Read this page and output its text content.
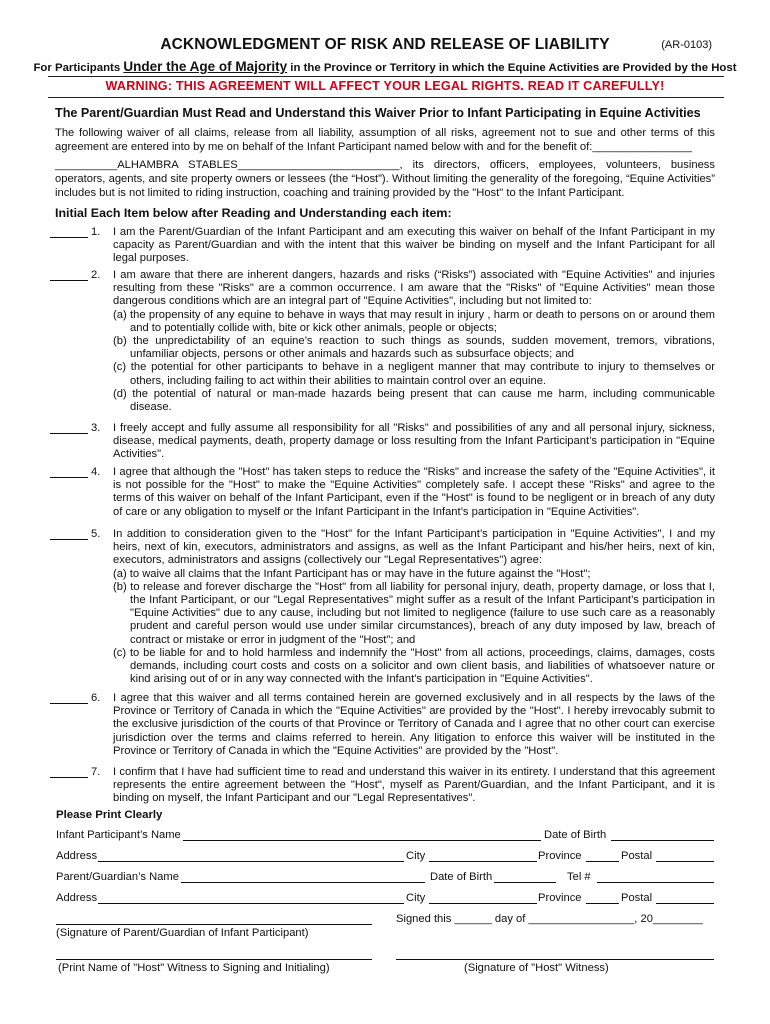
ACKNOWLEDGMENT OF RISK AND RELEASE OF LIABILITY	(AR-0103)
For Participants Under the Age of Majority in the Province or Territory in which the Equine Activities are Provided by the Host
WARNING: THIS AGREEMENT WILL AFFECT YOUR LEGAL RIGHTS. READ IT CAREFULLY!
The Parent/Guardian Must Read and Understand this Waiver Prior to Infant Participating in Equine Activities
The following waiver of all claims, release from all liability, assumption of all risks, agreement not to sue and other terms of this agreement are entered into by me on behalf of the Infant Participant named below with and for the benefit of:________________
__________ALHAMBRA STABLES__________________________, its directors, officers, employees, volunteers, business operators, agents, and site property owners or lessees (the “Host”). Without limiting the generality of the foregoing, “Equine Activities” includes but is not limited to riding instruction, coaching and training provided by the "Host" to the Infant Participant.
Initial Each Item below after Reading and Understanding each item:
1. I am the Parent/Guardian of the Infant Participant and am executing this waiver on behalf of the Infant Participant in my capacity as Parent/Guardian and with the intent that this waiver be binding on myself and the Infant Participant for all legal purposes.
2. I am aware that there are inherent dangers, hazards and risks (“Risks”) associated with "Equine Activities" and injuries resulting from these "Risks" are a common occurrence. I am aware that the "Risks" of "Equine Activities" mean those dangerous conditions which are an integral part of "Equine Activities", including but not limited to:
(a) the propensity of any equine to behave in ways that may result in injury , harm or death to persons on or around them and to potentially collide with, bite or kick other animals, people or objects;
(b) the unpredictability of an equine’s reaction to such things as sounds, sudden movement, tremors, vibrations, unfamiliar objects, persons or other animals and hazards such as subsurface objects; and
(c) the potential for other participants to behave in a negligent manner that may contribute to injury to themselves or others, including failing to act within their abilities to maintain control over an equine.
(d) the potential of natural or man-made hazards being present that can cause me harm, including communicable disease.
3. I freely accept and fully assume all responsibility for all "Risks" and possibilities of any and all personal injury, sickness, disease, medical payments, death, property damage or loss resulting from the Infant Participant’s participation in "Equine Activities".
4. I agree that although the "Host" has taken steps to reduce the "Risks" and increase the safety of the "Equine Activities", it is not possible for the "Host" to make the "Equine Activities" completely safe. I accept these "Risks" and agree to the terms of this waiver on behalf of the Infant Participant, even if the "Host" is found to be negligent or in breach of any duty of care or any obligation to myself or the Infant Participant in the Infant’s participation in "Equine Activities".
5. In addition to consideration given to the "Host" for the Infant Participant’s participation in "Equine Activities", I and my heirs, next of kin, executors, administrators and assigns, as well as the Infant Participant and his/her heirs, next of kin, executors, administrators and assigns (collectively our "Legal Representatives") agree:
(a) to waive all claims that the Infant Participant has or may have in the future against the "Host";
(b) to release and forever discharge the "Host" from all liability for personal injury, death, property damage, or loss that I, the Infant Participant, or our "Legal Representatives" might suffer as a result of the Infant Participant’s participation in "Equine Activities" due to any cause, including but not limited to negligence (failure to use such care as a reasonably prudent and careful person would use under similar circumstances), breach of any duty imposed by law, breach of contract or mistake or error in judgment of the "Host"; and
(c) to be liable for and to hold harmless and indemnify the "Host" from all actions, proceedings, claims, damages, costs demands, including court costs and costs on a solicitor and own client basis, and liabilities of whatsoever nature or kind arising out of or in any way connected with the Infant's participation in "Equine Activities".
6. I agree that this waiver and all terms contained herein are governed exclusively and in all respects by the laws of the Province or Territory of Canada in which the "Equine Activities" are provided by the "Host". I hereby irrevocably submit to the exclusive jurisdiction of the courts of that Province or Territory of Canada and I agree that no other court can exercise jurisdiction over the terms and claims referred to herein. Any litigation to enforce this waiver will be instituted in the Province or Territory of Canada in which the "Equine Activities" are provided by the "Host".
7. I confirm that I have had sufficient time to read and understand this waiver in its entirety. I understand that this agreement represents the entire agreement between the "Host", myself as Parent/Guardian, and the Infant Participant, and it is binding on myself, the Infant Participant and our "Legal Representatives".
Please Print Clearly
Infant Participant’s Name	Date of Birth
Address	City	Province	Postal
Parent/Guardian’s Name	Date of Birth	Tel #
Address	City	Province	Postal
Signed this ______ day of _________________, 20________
(Signature of Parent/Guardian of Infant Participant)
(Print Name of "Host" Witness to Signing and Initialing)	(Signature of "Host" Witness)
